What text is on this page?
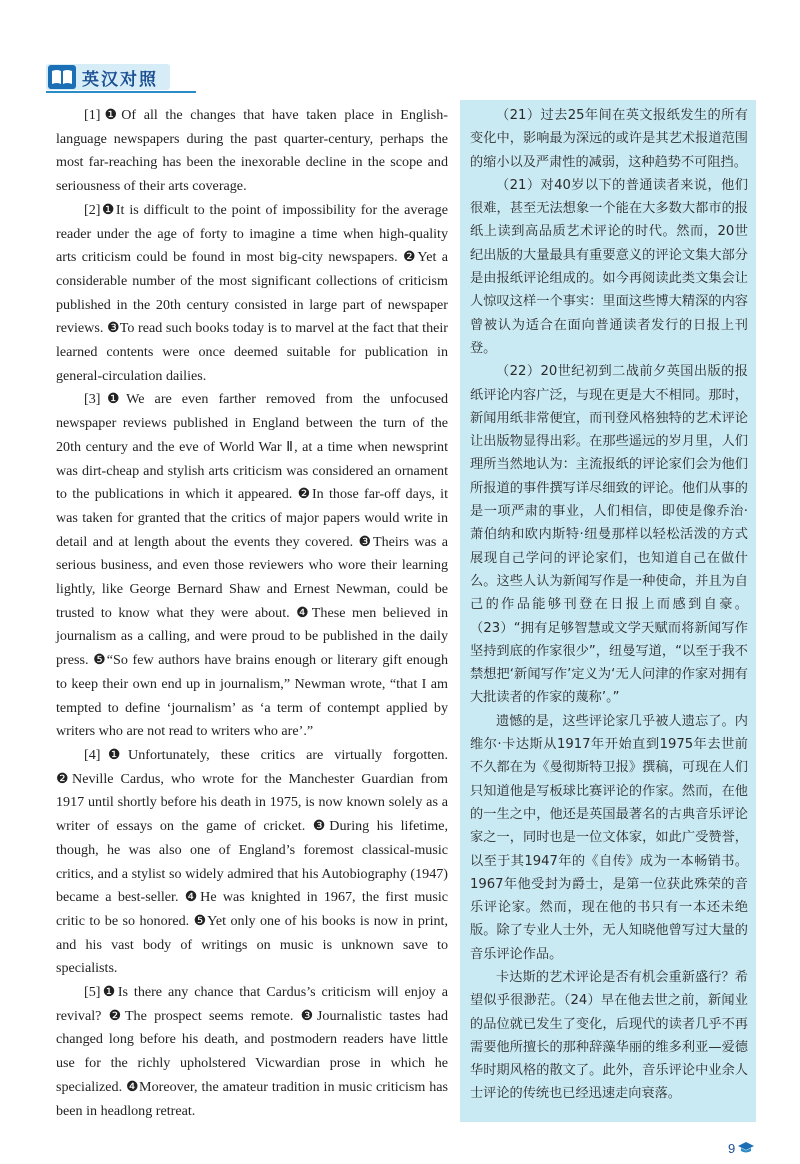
英汉对照

[1]❶Of all the changes that have taken place in English-language newspapers during the past quarter-century, perhaps the most far-reaching has been the inexorable decline in the scope and seriousness of their arts coverage.

[2]❶It is difficult to the point of impossibility for the average reader under the age of forty to imagine a time when high-quality arts criticism could be found in most big-city newspapers. ❷Yet a considerable number of the most significant collections of criticism published in the 20th century consisted in large part of newspaper reviews. ❸To read such books today is to marvel at the fact that their learned contents were once deemed suitable for publication in general-circulation dailies.

[3]❶We are even farther removed from the unfocused newspaper reviews published in England between the turn of the 20th century and the eve of World War Ⅱ, at a time when newsprint was dirt-cheap and stylish arts criticism was considered an ornament to the publications in which it appeared. ❷In those far-off days, it was taken for granted that the critics of major papers would write in detail and at length about the events they covered. ❸Theirs was a serious business, and even those reviewers who wore their learning lightly, like George Bernard Shaw and Ernest Newman, could be trusted to know what they were about. ❹These men believed in journalism as a calling, and were proud to be published in the daily press. ❺“So few authors have brains enough or literary gift enough to keep their own end up in journalism,” Newman wrote, “that I am tempted to define ‘journalism’ as ‘a term of contempt applied by writers who are not read to writers who are’.”

[4]❶Unfortunately, these critics are virtually forgotten. ❷Neville Cardus, who wrote for the Manchester Guardian from 1917 until shortly before his death in 1975, is now known solely as a writer of essays on the game of cricket. ❸During his lifetime, though, he was also one of England’s foremost classical-music critics, and a stylist so widely admired that his Autobiography (1947) became a best-seller. ❹He was knighted in 1967, the first music critic to be so honored. ❺Yet only one of his books is now in print, and his vast body of writings on music is unknown save to specialists.

[5]❶Is there any chance that Cardus’s criticism will enjoy a revival? ❷The prospect seems remote. ❸Journalistic tastes had changed long before his death, and postmodern readers have little use for the richly upholstered Vicwardian prose in which he specialized. ❹Moreover, the amateur tradition in music criticism has been in headlong retreat.

（21）过去25年间在英文报纸发生的所有变化中，影响最为深远的或许是其艺术报道范围的缩小以及严肃性的减弱，这种趋势不可阻挡。

（21）对40岁以下的普通读者来说，他们很难，甚至无法想象一个能在大多数大都市的报纸上读到高品质艺术评论的时代。然而，20世纪出版的大量最具有重要意义的评论文集大部分是由报纸评论组成的。如今再阅读此类文集会让人惊叹这样一个事实：里面这些博大精深的内容曾被认为适合在面向普通读者发行的日报上刊登。

（22）20世纪初到二战前夕英国出版的报纸评论内容广泛，与现在更是大不相同。那时，新闻用纸非常便宜，而刊登风格独特的艺术评论让出版物显得出彩。在那些遥远的岁月里，人们理所当然地认为：主流报纸的评论家们会为他们所报道的事件撰写详尽细致的评论。他们从事的是一项严肃的事业，人们相信，即使是像乔治·萧伯纳和欧内斯特·纽曼那样以轻松活泼的方式展现自己学问的评论家们，也知道自己在做什么。这些人认为新闻写作是一种使命，并且为自己的作品能够刊登在日报上而感到自豪。（23）“拥有足够智慧或文学天赋而将新闻写作坚持到底的作家很少”，纽曼写道，“以至于我不禁想把‘新闻写作’定义为‘无人问津的作家对拥有大批读者的作家的蔑称’。”

遗憾的是，这些评论家几乎被人遗忘了。内维尔·卡达斯从1917年开始直到1975年去世前不久都在为《曼彻斯特卫报》撰稿，可现在人们只知道他是写板球比赛评论的作家。然而，在他的一生之中，他还是英国最著名的古典音乐评论家之一，同时也是一位文体家，如此广受赞誉，以至于其1947年的《自传》成为一本畅销书。1967年他受封为爵士，是第一位获此殊荣的音乐评论家。然而，现在他的书只有一本还未绝版。除了专业人士外，无人知晓他曾写过大量的音乐评论作品。

卡达斯的艺术评论是否有机会重新盛行？希望似乎很渺茫。（24）早在他去世之前，新闻业的品位就已发生了变化，后现代的读者几乎不再需要他所擅长的那种辞藻华丽的维多利亚—爱德华时期风格的散文了。此外，音乐评论中业余人士评论的传统也已经迅速走向衰落。

9
